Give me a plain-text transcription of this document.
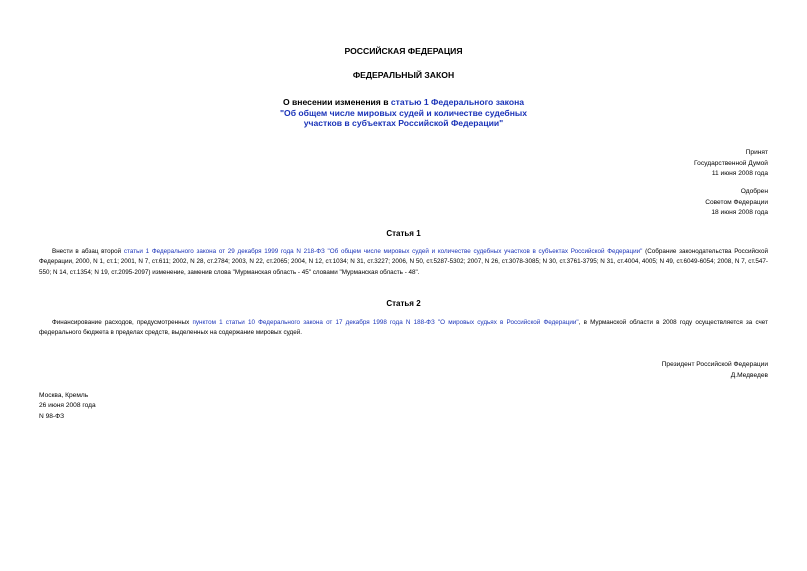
РОССИЙСКАЯ ФЕДЕРАЦИЯ
ФЕДЕРАЛЬНЫЙ ЗАКОН
О внесении изменения в статью 1 Федерального закона
"Об общем числе мировых судей и количестве судебных
участков в субъектах Российской Федерации"
Принят
Государственной Думой
11 июня 2008 года
Одобрен
Советом Федерации
18 июня 2008 года
Статья 1
Внести в абзац второй статьи 1 Федерального закона от 29 декабря 1999 года N 218-ФЗ "Об общем числе мировых судей и количестве судебных участков в субъектах Российской Федерации" (Собрание законодательства Российской Федерации, 2000, N 1, ст.1; 2001, N 7, ст.611; 2002, N 28, ст.2784; 2003, N 22, ст.2065; 2004, N 12, ст.1034; N 31, ст.3227; 2006, N 50, ст.5287-5302; 2007, N 26, ст.3078-3085; N 30, ст.3761-3795; N 31, ст.4004, 4005; N 49, ст.6049-6054; 2008, N 7, ст.547-550; N 14, ст.1354; N 19, ст.2095-2097) изменение, заменив слова "Мурманская область - 45" словами "Мурманская область - 48".
Статья 2
Финансирование расходов, предусмотренных пунктом 1 статьи 10 Федерального закона от 17 декабря 1998 года N 188-ФЗ "О мировых судьях в Российской Федерации", в Мурманской области в 2008 году осуществляется за счет федерального бюджета в пределах средств, выделенных на содержание мировых судей.
Президент Российской Федерации
Д.Медведев
Москва, Кремль
26 июня 2008 года
N 98-ФЗ
